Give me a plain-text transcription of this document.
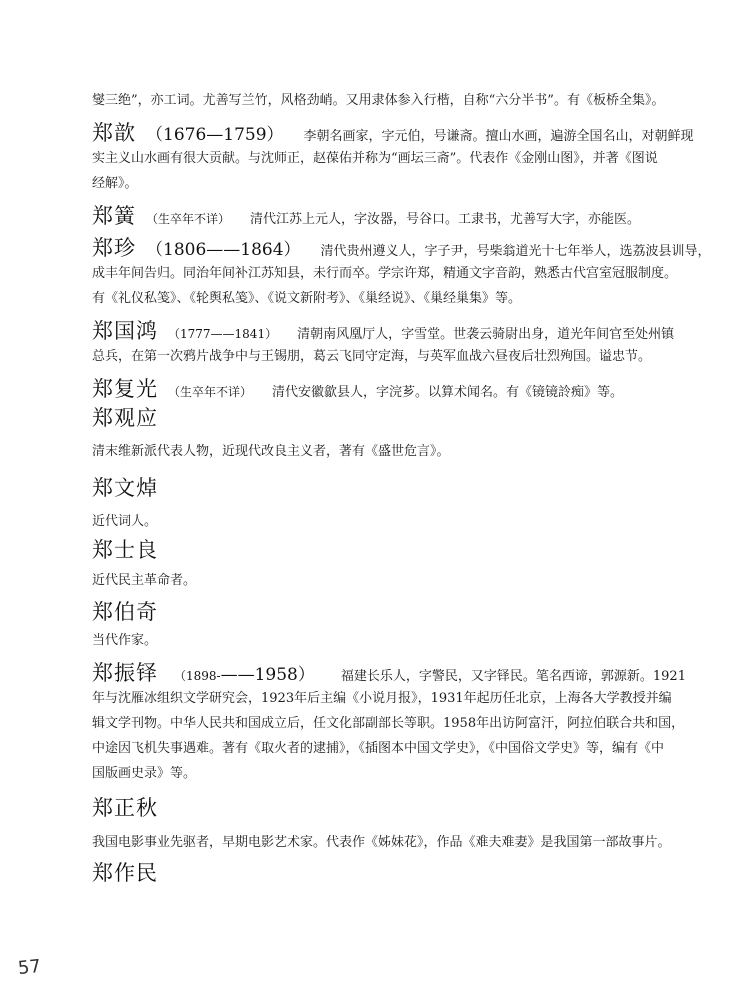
燮三绝”，亦工词。尤善写兰竹，风格劲峭。又用隶体参入行楷，自称“六分半书”。有《板桥全集》。
郑歆 （1676—1759） 李朝名画家，字元伯，号谦斋。擅山水画，遍游全国名山，对朝鲜现
实主义山水画有很大贡献。与沈师正，赵葆佑并称为“画坛三斋”。代表作《金刚山图》，并著《图说
经解》。
郑簧 （生卒年不详） 清代江苏上元人，字汝器，号谷口。工隶书，尤善写大字，亦能医。
郑珍 （1806——1864） 清代贵州遵义人，字子尹，号柴翁道光十七年举人，选荔波县训导，
成丰年间告归。同治年间补江苏知县，未行而卒。学宗许郑，精通文字音韵，熟悉古代宫室冠服制度。
有《礼仪私笺》、《轮舆私笺》、《说文新附考》、《巢经说》、《巢经巢集》等。
郑国鸿 （1777——1841） 清朝南风凰厅人，字雪堂。世袭云骑尉出身，道光年间官至处州镇
总兵，在第一次鸦片战争中与王锡朋，葛云飞同守定海，与英军血战六昼夜后壮烈殉国。谥忠节。
郑复光 （生卒年不详） 清代安徽歙县人，字浣芗。以算术闻名。有《镜镜詅痴》等。
郑观应
清末维新派代表人物，近现代改良主义者，著有《盛世危言》。
郑文焯
近代词人。
郑士良
近代民主革命者。
郑伯奇
当代作家。
郑振铎 （1898- ——1958） 福建长乐人，字警民，又字铎民。笔名西谛，郭源新。1921
年与沈雁冰组织文学研究会，1923年后主编《小说月报》，1931年起历任北京，上海各大学教授并编
辑文学刊物。中华人民共和国成立后，任文化部副部长等职。1958年出访阿富汗，阿拉伯联合共和国，
中途因飞机失事遇难。著有《取火者的逮捕》，《插图本中国文学史》，《中国俗文学史》等，编有《中
国版画史录》等。
郑正秋
我国电影事业先驱者，早期电影艺术家。代表作《姊妹花》，作品《难夫难妻》是我国第一部故事片。
郑作民
57
